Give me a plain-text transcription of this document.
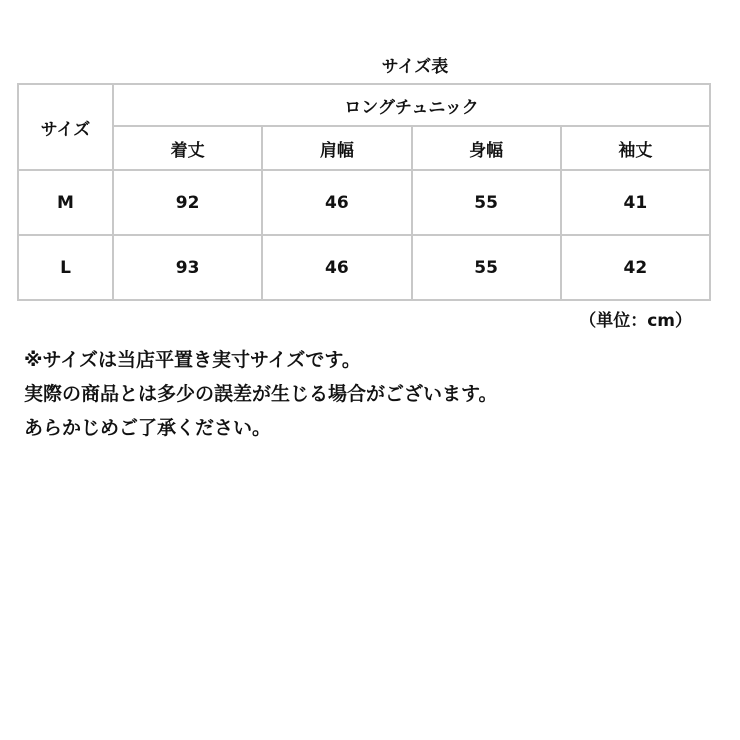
サイズ表
サイズ	ロングチュニック			
	着丈	肩幅	身幅	袖丈
M	92	46	55	41
L	93	46	55	42
（単位：cm）
※サイズは当店平置き実寸サイズです。
実際の商品とは多少の誤差が生じる場合がございます。
あらかじめご了承ください。
